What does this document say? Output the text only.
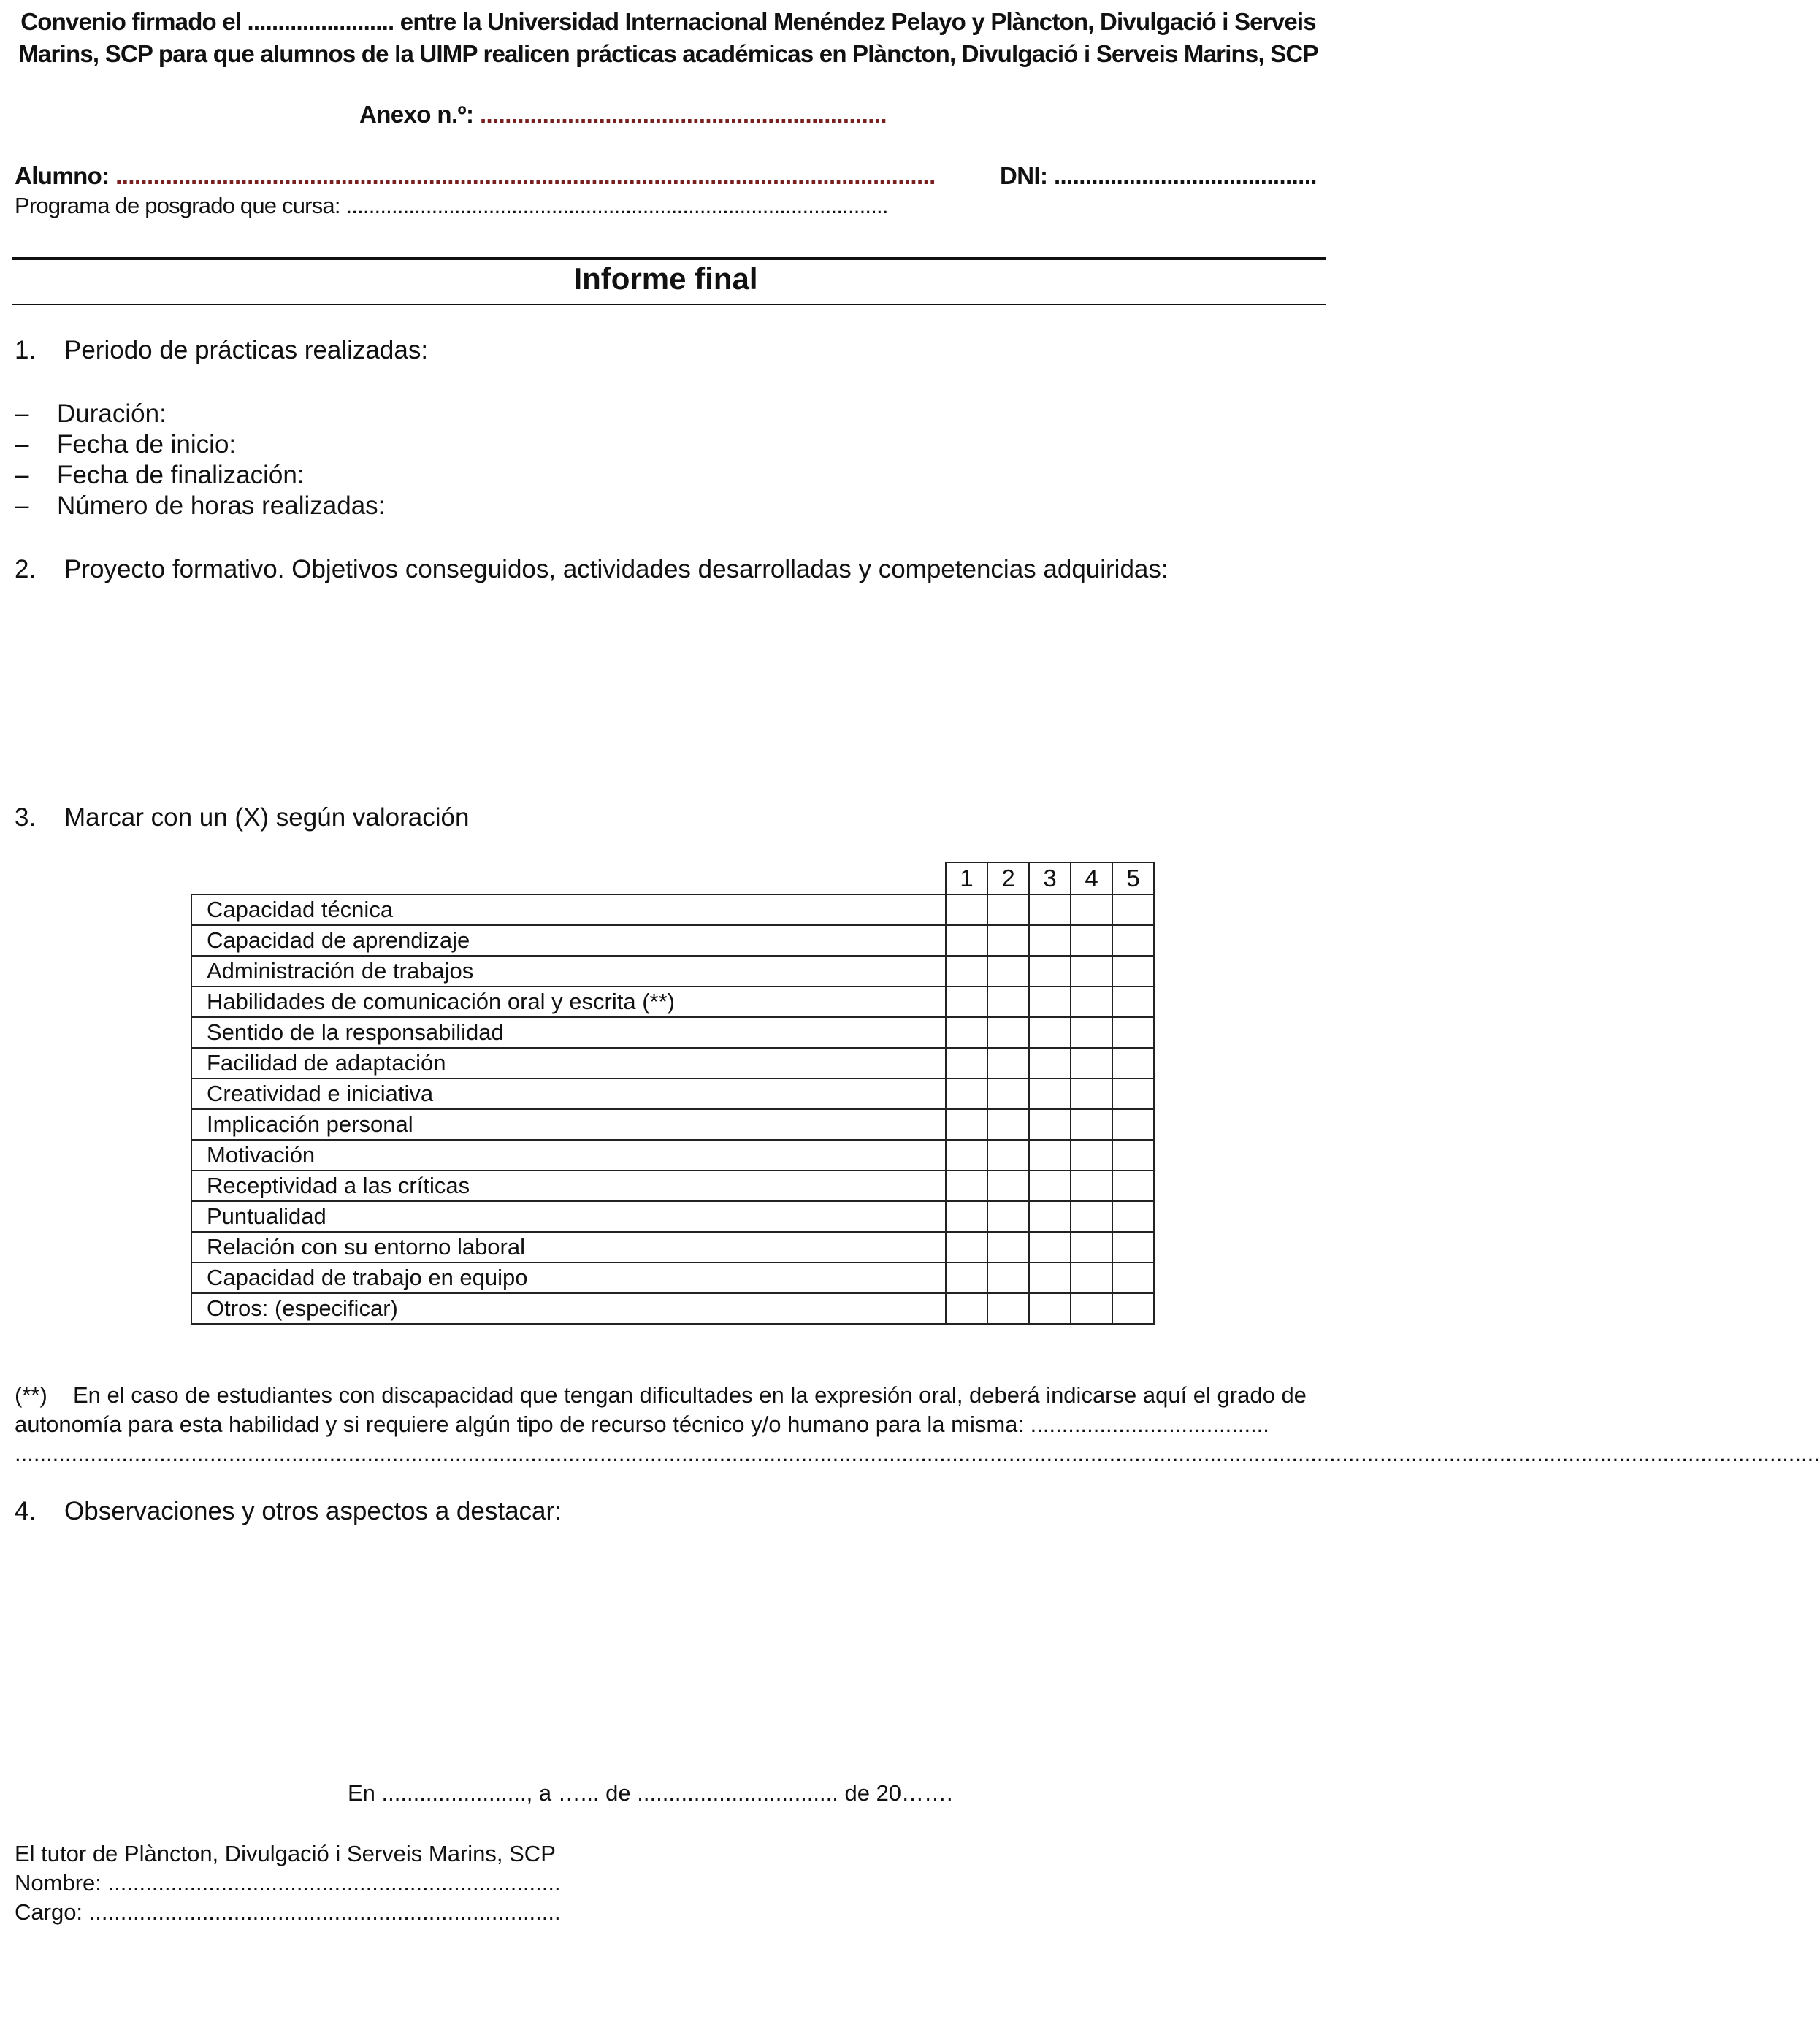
Convenio firmado el ........................ entre la Universidad Internacional Menéndez Pelayo y Plàncton, Divulgació i Serveis
Marins, SCP para que alumnos de la UIMP realicen prácticas académicas en Plàncton, Divulgació i Serveis Marins, SCP
Anexo n.º: .................................................................
Alumno: ...................................................................................................................................	DNI: ..........................................
Programa de posgrado que cursa: ...............................................................................................
Informe final
1. Periodo de prácticas realizadas:
– Duración:
– Fecha de inicio:
– Fecha de finalización:
– Número de horas realizadas:
2. Proyecto formativo. Objetivos conseguidos, actividades desarrolladas y competencias adquiridas:
3. Marcar con un (X) según valoración
	1	2	3	4	5
Capacidad técnica					
Capacidad de aprendizaje					
Administración de trabajos					
Habilidades de comunicación oral y escrita (**)					
Sentido de la responsabilidad					
Facilidad de adaptación					
Creatividad e iniciativa					
Implicación personal					
Motivación					
Receptividad a las críticas					
Puntualidad					
Relación con su entorno laboral					
Capacidad de trabajo en equipo					
Otros: (especificar)					
(**) En el caso de estudiantes con discapacidad que tengan dificultades en la expresión oral, deberá indicarse aquí el grado de autonomía para esta habilidad y si requiere algún tipo de recurso técnico y/o humano para la misma: ......................................
...............................................................................................................................................................................................................................................................................................
4. Observaciones y otros aspectos a destacar:
En ......................., a …... de ................................ de 20…….
El tutor de Plàncton, Divulgació i Serveis Marins, SCP
Nombre: ........................................................................
Cargo: ...........................................................................
